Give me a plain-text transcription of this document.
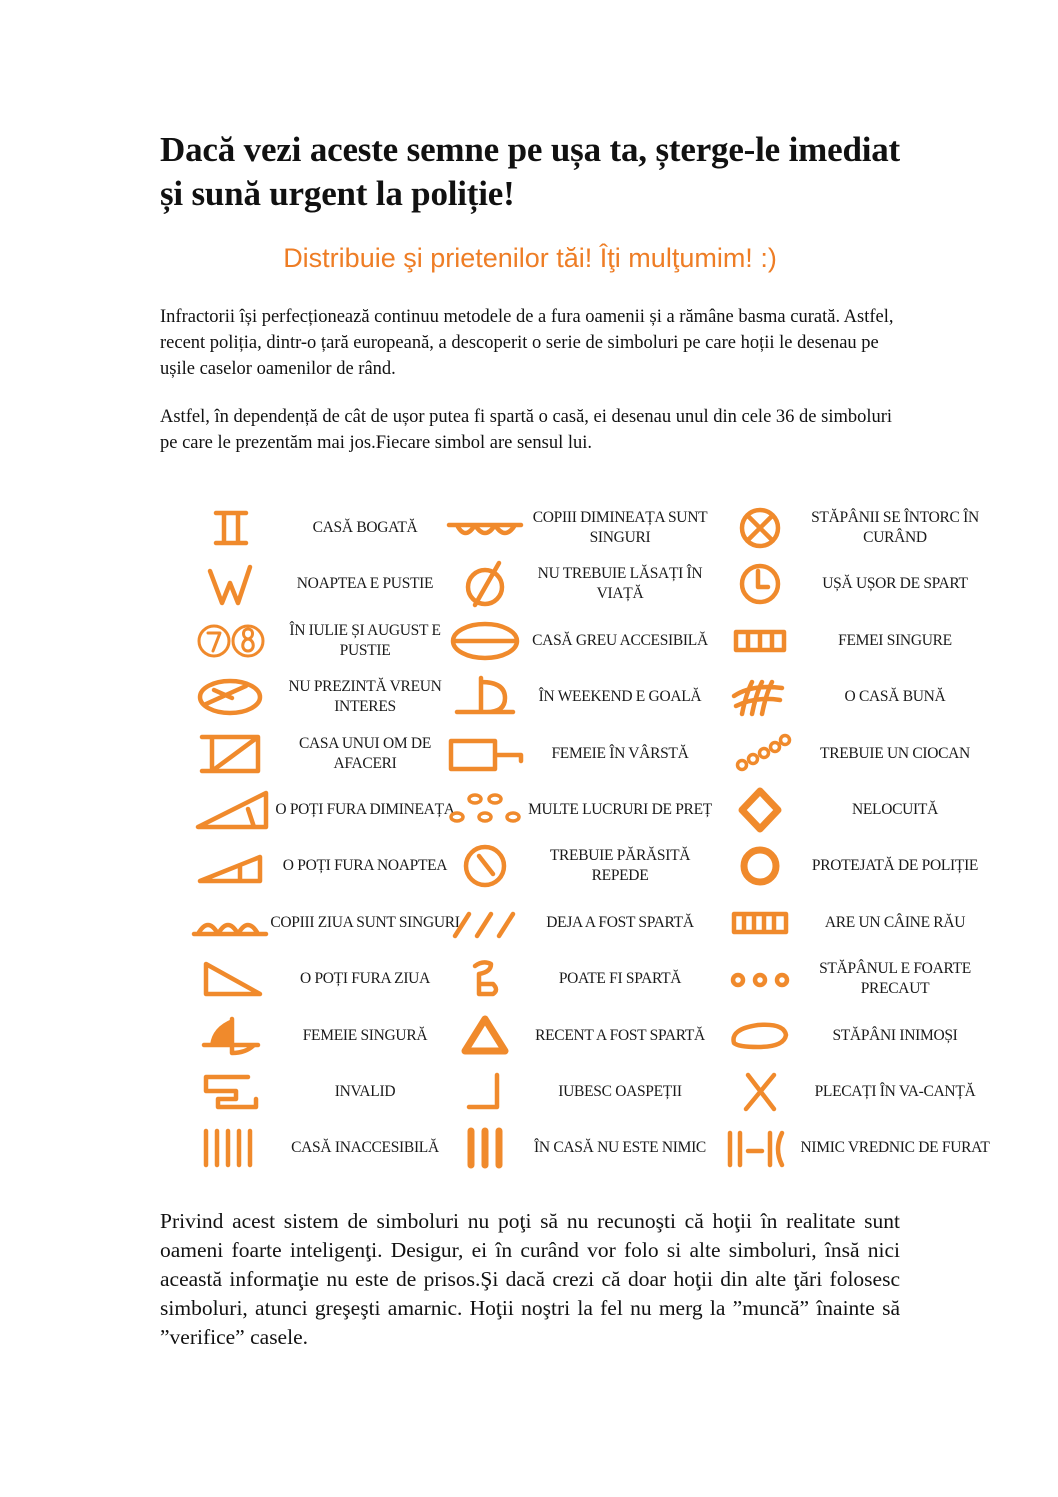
Dacă vezi aceste semne pe ușa ta, șterge-le imediat și sună urgent la poliție!

Distribuie şi prietenilor tăi! Îţi mulţumim! :)

Infractorii își perfecționează continuu metodele de a fura oamenii și a rămâne basma curată. Astfel, recent poliția, dintr-o țară europeană, a descoperit o serie de simboluri pe care hoții le desenau pe ușile caselor oamenilor de rând.

Astfel, în dependență de cât de ușor putea fi spartă o casă, ei desenau unul din cele 36 de simboluri pe care le prezentăm mai jos.Fiecare simbol are sensul lui.

CASĂ BOGATĂ
NOAPTEA E PUSTIE
ÎN IULIE ȘI AUGUST E PUSTIE
NU PREZINTĂ VREUN INTERES
CASA UNUI OM DE AFACERI
O POȚI FURA DIMINEAȚA
O POȚI FURA NOAPTEA
COPIII ZIUA SUNT SINGURI
O POȚI FURA ZIUA
FEMEIE SINGURĂ
INVALID
CASĂ INACCESIBILĂ
COPIII DIMINEAȚA SUNT SINGURI
NU TREBUIE LĂSAȚI ÎN VIAȚĂ
CASĂ GREU ACCESIBILĂ
ÎN WEEKEND E GOALĂ
FEMEIE ÎN VÂRSTĂ
MULTE LUCRURI DE PREȚ
TREBUIE PĂRĂSITĂ REPEDE
DEJA A FOST SPARTĂ
POATE FI SPARTĂ
RECENT A FOST SPARTĂ
IUBESC OASPEȚII
ÎN CASĂ NU ESTE NIMIC
STĂPÂNII SE ÎNTORC ÎN CURÂND
UȘĂ UȘOR DE SPART
FEMEI SINGURE
O CASĂ BUNĂ
TREBUIE UN CIOCAN
NELOCUITĂ
PROTEJATĂ DE POLIȚIE
ARE UN CÂINE RĂU
STĂPÂNUL E FOARTE PRECAUT
STĂPÂNI INIMOȘI
PLECAȚI ÎN VA-CANȚĂ
NIMIC VREDNIC DE FURAT

Privind acest sistem de simboluri nu poţi să nu recunoşti că hoţii în realitate sunt oameni foarte inteligenţi. Desigur, ei în curând vor folo si alte simboluri, însă nici această informaţie nu este de prisos.Şi dacă crezi că doar hoţii din alte ţări folosesc simboluri, atunci greşeşti amarnic. Hoţii noştri la fel nu merg la ”muncă” înainte să ”verifice” casele.
